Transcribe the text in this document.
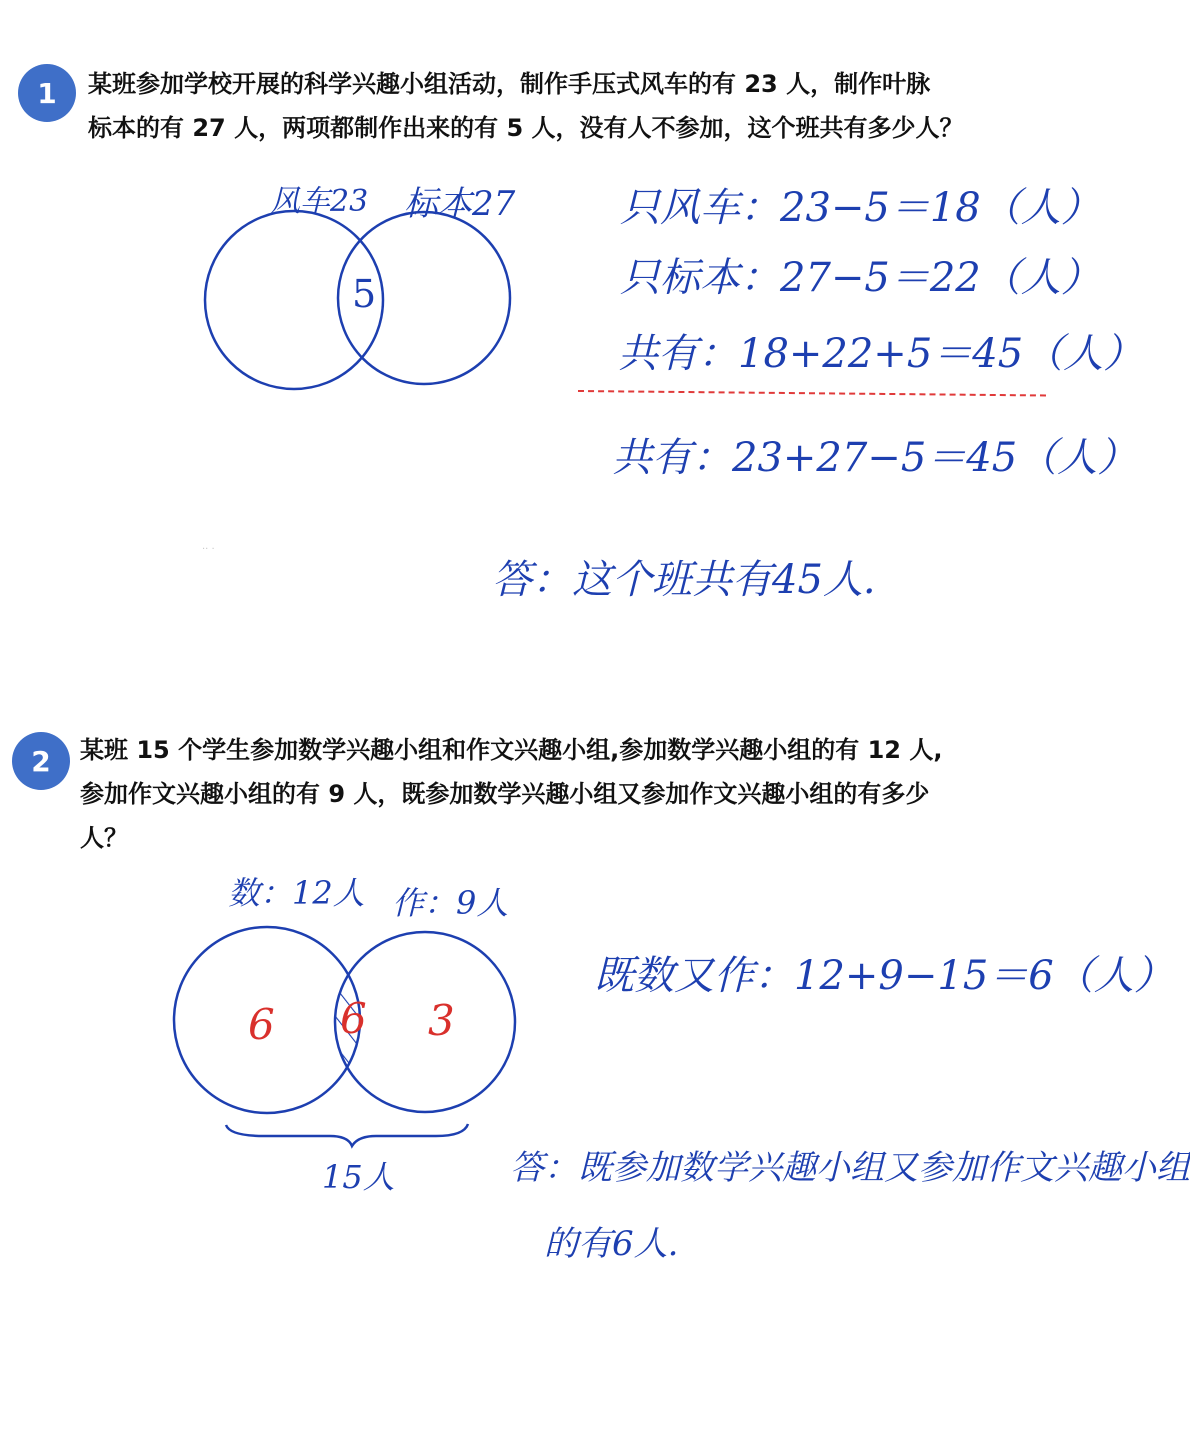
1	某班参加学校开展的科学兴趣小组活动，制作手压式风车的有 23 人，制作叶脉
标本的有 27 人，两项都制作出来的有 5 人，没有人不参加，这个班共有多少人？
风车23 标本27
5
只风车：23−5＝18（人）
只标本：27−5＝22（人）
共有：18+22+5＝45（人）
共有：23+27−5＝45（人）
·· ·
答：这个班共有45人.
2	某班 15 个学生参加数学兴趣小组和作文兴趣小组,参加数学兴趣小组的有 12 人,
参加作文兴趣小组的有 9 人，既参加数学兴趣小组又参加作文兴趣小组的有多少
人？
数：12人 作：9人
6 6 3
15人
既数又作：12+9−15＝6（人）
答：既参加数学兴趣小组又参加作文兴趣小组
的有6人.
